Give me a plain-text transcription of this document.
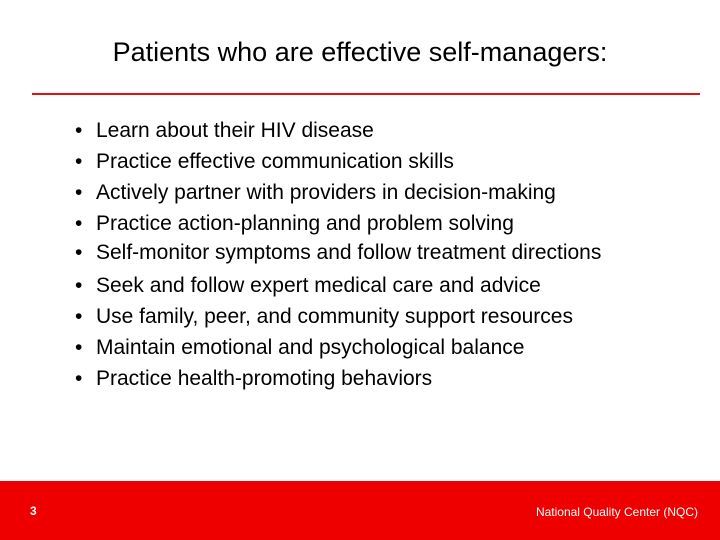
Patients who are effective self-managers:
• Learn about their HIV disease
• Practice effective communication skills
• Actively partner with providers in decision-making
• Practice action-planning and problem solving
• Self-monitor symptoms and follow treatment directions
• Seek and follow expert medical care and advice
• Use family, peer, and community support resources
• Maintain emotional and psychological balance
• Practice health-promoting behaviors
3	National Quality Center (NQC)
